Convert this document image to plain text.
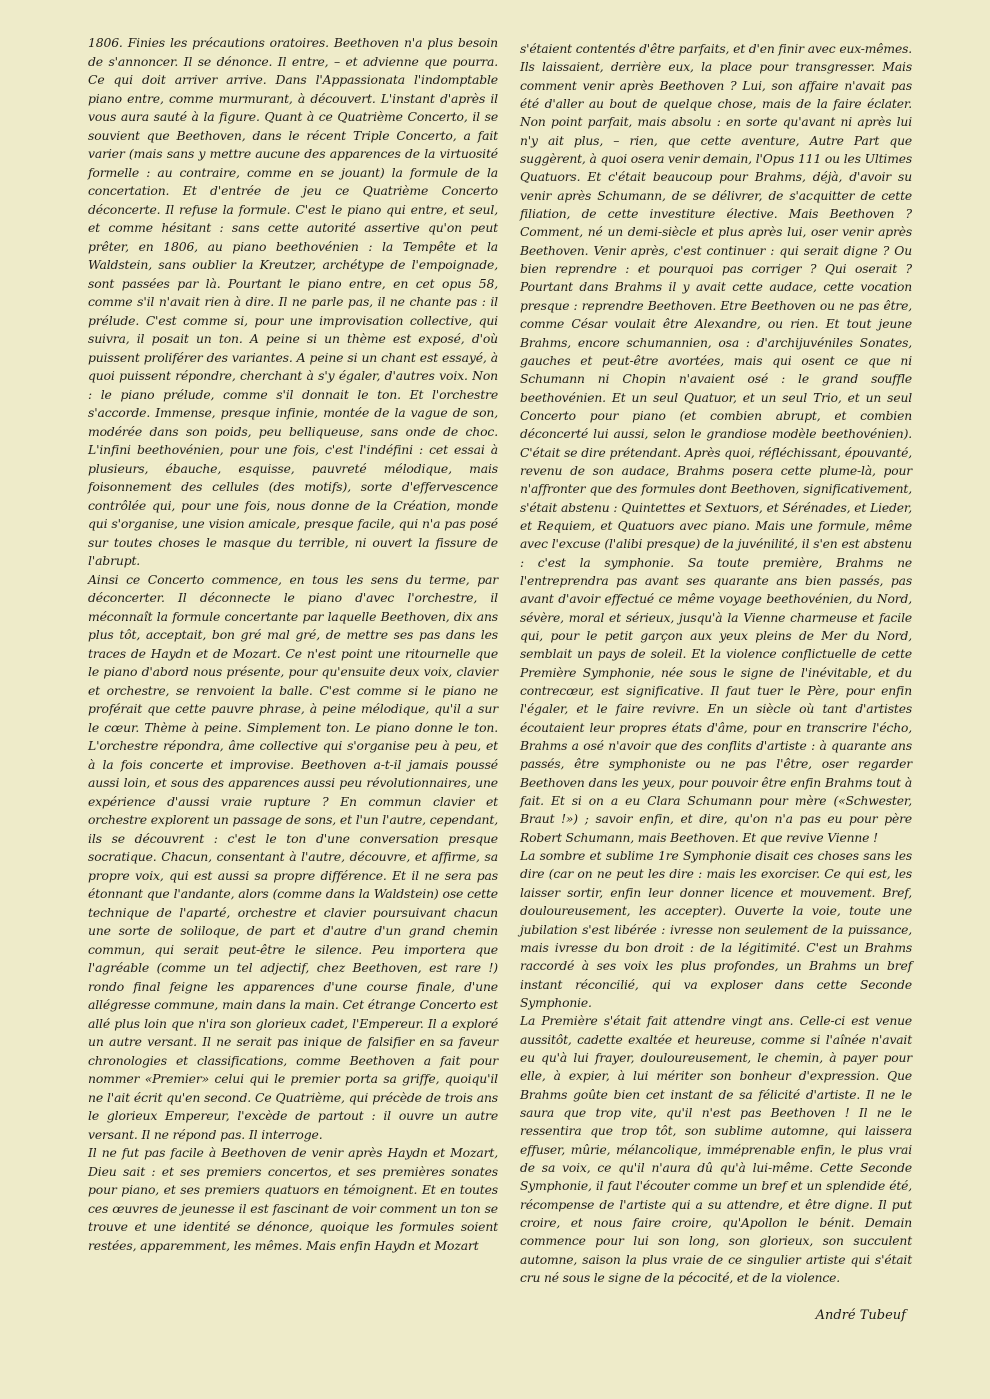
1806. Finies les précautions oratoires. Beethoven n'a plus besoin de s'annoncer. Il se dénonce. Il entre, – et advienne que pourra. Ce qui doit arriver arrive. Dans l'Appassionata l'indomptable piano entre, comme murmurant, à découvert. L'instant d'après il vous aura sauté à la figure. Quant à ce Quatrième Concerto, il se souvient que Beethoven, dans le récent Triple Concerto, a fait varier (mais sans y mettre aucune des apparences de la virtuosité formelle : au contraire, comme en se jouant) la formule de la concertation. Et d'entrée de jeu ce Quatrième Concerto déconcerte. Il refuse la formule. C'est le piano qui entre, et seul, et comme hésitant : sans cette autorité assertive qu'on peut prêter, en 1806, au piano beethovénien : la Tempête et la Waldstein, sans oublier la Kreutzer, archétype de l'empoignade, sont passées par là. Pourtant le piano entre, en cet opus 58, comme s'il n'avait rien à dire. Il ne parle pas, il ne chante pas : il prélude. C'est comme si, pour une improvisation collective, qui suivra, il posait un ton. A peine si un thème est exposé, d'où puissent proliférer des variantes. A peine si un chant est essayé, à quoi puissent répondre, cherchant à s'y égaler, d'autres voix. Non : le piano prélude, comme s'il donnait le ton. Et l'orchestre s'accorde. Immense, presque infinie, montée de la vague de son, modérée dans son poids, peu belliqueuse, sans onde de choc. L'infini beethovénien, pour une fois, c'est l'indéfini : cet essai à plusieurs, ébauche, esquisse, pauvreté mélodique, mais foisonnement des cellules (des motifs), sorte d'effervescence contrôlée qui, pour une fois, nous donne de la Création, monde qui s'organise, une vision amicale, presque facile, qui n'a pas posé sur toutes choses le masque du terrible, ni ouvert la fissure de l'abrupt.

Ainsi ce Concerto commence, en tous les sens du terme, par déconcerter. Il déconnecte le piano d'avec l'orchestre, il méconnaît la formule concertante par laquelle Beethoven, dix ans plus tôt, acceptait, bon gré mal gré, de mettre ses pas dans les traces de Haydn et de Mozart. Ce n'est point une ritournelle que le piano d'abord nous présente, pour qu'ensuite deux voix, clavier et orchestre, se renvoient la balle. C'est comme si le piano ne proférait que cette pauvre phrase, à peine mélodique, qu'il a sur le cœur. Thème à peine. Simplement ton. Le piano donne le ton. L'orchestre répondra, âme collective qui s'organise peu à peu, et à la fois concerte et improvise. Beethoven a-t-il jamais poussé aussi loin, et sous des apparences aussi peu révolutionnaires, une expérience d'aussi vraie rupture ? En commun clavier et orchestre explorent un passage de sons, et l'un l'autre, cependant, ils se découvrent : c'est le ton d'une conversation presque socratique. Chacun, consentant à l'autre, découvre, et affirme, sa propre voix, qui est aussi sa propre différence. Et il ne sera pas étonnant que l'andante, alors (comme dans la Waldstein) ose cette technique de l'aparté, orchestre et clavier poursuivant chacun une sorte de soliloque, de part et d'autre d'un grand chemin commun, qui serait peut-être le silence. Peu importera que l'agréable (comme un tel adjectif, chez Beethoven, est rare !) rondo final feigne les apparences d'une course finale, d'une allégresse commune, main dans la main. Cet étrange Concerto est allé plus loin que n'ira son glorieux cadet, l'Empereur. Il a exploré un autre versant. Il ne serait pas inique de falsifier en sa faveur chronologies et classifications, comme Beethoven a fait pour nommer «Premier» celui qui le premier porta sa griffe, quoiqu'il ne l'ait écrit qu'en second. Ce Quatrième, qui précède de trois ans le glorieux Empereur, l'excède de partout : il ouvre un autre versant. Il ne répond pas. Il interroge.

Il ne fut pas facile à Beethoven de venir après Haydn et Mozart, Dieu sait : et ses premiers concertos, et ses premières sonates pour piano, et ses premiers quatuors en témoignent. Et en toutes ces œuvres de jeunesse il est fascinant de voir comment un ton se trouve et une identité se dénonce, quoique les formules soient restées, apparemment, les mêmes. Mais enfin Haydn et Mozart

s'étaient contentés d'être parfaits, et d'en finir avec eux-mêmes. Ils laissaient, derrière eux, la place pour transgresser. Mais comment venir après Beethoven ? Lui, son affaire n'avait pas été d'aller au bout de quelque chose, mais de la faire éclater. Non point parfait, mais absolu : en sorte qu'avant ni après lui n'y ait plus, – rien, que cette aventure, Autre Part que suggèrent, à quoi osera venir demain, l'Opus 111 ou les Ultimes Quatuors. Et c'était beaucoup pour Brahms, déjà, d'avoir su venir après Schumann, de se délivrer, de s'acquitter de cette filiation, de cette investiture élective. Mais Beethoven ? Comment, né un demi-siècle et plus après lui, oser venir après Beethoven. Venir après, c'est continuer : qui serait digne ? Ou bien reprendre : et pourquoi pas corriger ? Qui oserait ? Pourtant dans Brahms il y avait cette audace, cette vocation presque : reprendre Beethoven. Etre Beethoven ou ne pas être, comme César voulait être Alexandre, ou rien. Et tout jeune Brahms, encore schumannien, osa : d'archijuvéniles Sonates, gauches et peut-être avortées, mais qui osent ce que ni Schumann ni Chopin n'avaient osé : le grand souffle beethovénien. Et un seul Quatuor, et un seul Trio, et un seul Concerto pour piano (et combien abrupt, et combien déconcerté lui aussi, selon le grandiose modèle beethovénien). C'était se dire prétendant. Après quoi, réfléchissant, épouvanté, revenu de son audace, Brahms posera cette plume-là, pour n'affronter que des formules dont Beethoven, significativement, s'était abstenu : Quintettes et Sextuors, et Sérénades, et Lieder, et Requiem, et Quatuors avec piano. Mais une formule, même avec l'excuse (l'alibi presque) de la juvénilité, il s'en est abstenu : c'est la symphonie. Sa toute première, Brahms ne l'entreprendra pas avant ses quarante ans bien passés, pas avant d'avoir effectué ce même voyage beethovénien, du Nord, sévère, moral et sérieux, jusqu'à la Vienne charmeuse et facile qui, pour le petit garçon aux yeux pleins de Mer du Nord, semblait un pays de soleil. Et la violence conflictuelle de cette Première Symphonie, née sous le signe de l'inévitable, et du contrecœur, est significative. Il faut tuer le Père, pour enfin l'égaler, et le faire revivre. En un siècle où tant d'artistes écoutaient leur propres états d'âme, pour en transcrire l'écho, Brahms a osé n'avoir que des conflits d'artiste : à quarante ans passés, être symphoniste ou ne pas l'être, oser regarder Beethoven dans les yeux, pour pouvoir être enfin Brahms tout à fait. Et si on a eu Clara Schumann pour mère («Schwester, Braut !») ; savoir enfin, et dire, qu'on n'a pas eu pour père Robert Schumann, mais Beethoven. Et que revive Vienne !

La sombre et sublime 1re Symphonie disait ces choses sans les dire (car on ne peut les dire : mais les exorciser. Ce qui est, les laisser sortir, enfin leur donner licence et mouvement. Bref, douloureusement, les accepter). Ouverte la voie, toute une jubilation s'est libérée : ivresse non seulement de la puissance, mais ivresse du bon droit : de la légitimité. C'est un Brahms raccordé à ses voix les plus profondes, un Brahms un bref instant réconcilié, qui va exploser dans cette Seconde Symphonie.

La Première s'était fait attendre vingt ans. Celle-ci est venue aussitôt, cadette exaltée et heureuse, comme si l'aînée n'avait eu qu'à lui frayer, douloureusement, le chemin, à payer pour elle, à expier, à lui mériter son bonheur d'expression. Que Brahms goûte bien cet instant de sa félicité d'artiste. Il ne le saura que trop vite, qu'il n'est pas Beethoven ! Il ne le ressentira que trop tôt, son sublime automne, qui laissera effuser, mûrie, mélancolique, imméprenable enfin, le plus vrai de sa voix, ce qu'il n'aura dû qu'à lui-même. Cette Seconde Symphonie, il faut l'écouter comme un bref et un splendide été, récompense de l'artiste qui a su attendre, et être digne. Il put croire, et nous faire croire, qu'Apollon le bénit. Demain commence pour lui son long, son glorieux, son succulent automne, saison la plus vraie de ce singulier artiste qui s'était cru né sous le signe de la pécocité, et de la violence.

André Tubeuf
